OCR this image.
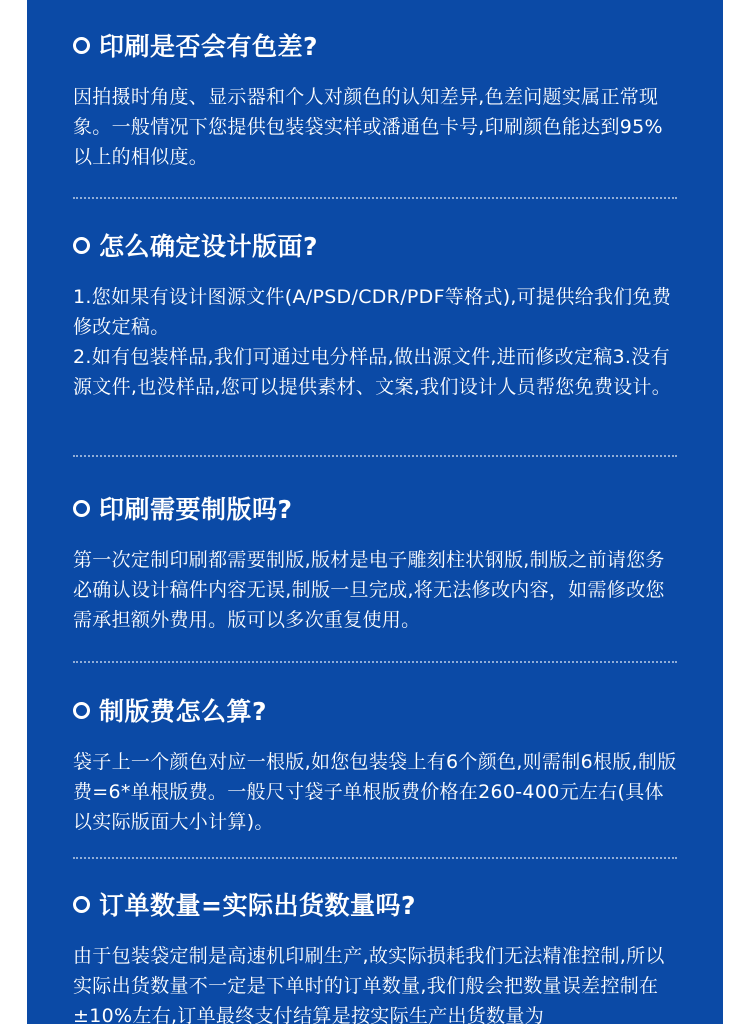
印刷是否会有色差?

因拍摄时角度、显示器和个人对颜色的认知差异,色差问题实属正常现象。一般情况下您提供包装袋实样或潘通色卡号,印刷颜色能达到95%以上的相似度。

怎么确定设计版面?

1.您如果有设计图源文件(A/PSD/CDR/PDF等格式),可提供给我们免费修改定稿。

2.如有包装样品,我们可通过电分样品,做出源文件,进而修改定稿3.没有源文件,也没样品,您可以提供素材、文案,我们设计人员帮您免费设计。

印刷需要制版吗?

第一次定制印刷都需要制版,版材是电子雕刻柱状钢版,制版之前请您务必确认设计稿件内容无误,制版一旦完成,将无法修改内容，如需修改您需承担额外费用。版可以多次重复使用。

制版费怎么算?

袋子上一个颜色对应一根版,如您包装袋上有6个颜色,则需制6根版,制版费=6*单根版费。一般尺寸袋子单根版费价格在260-400元左右(具体以实际版面大小计算)。

订单数量=实际出货数量吗?

由于包装袋定制是高速机印刷生产,故实际损耗我们无法精准控制,所以实际出货数量不一定是下单时的订单数量,我们般会把数量误差控制在±10%左右,订单最终支付结算是按实际生产出货数量为
